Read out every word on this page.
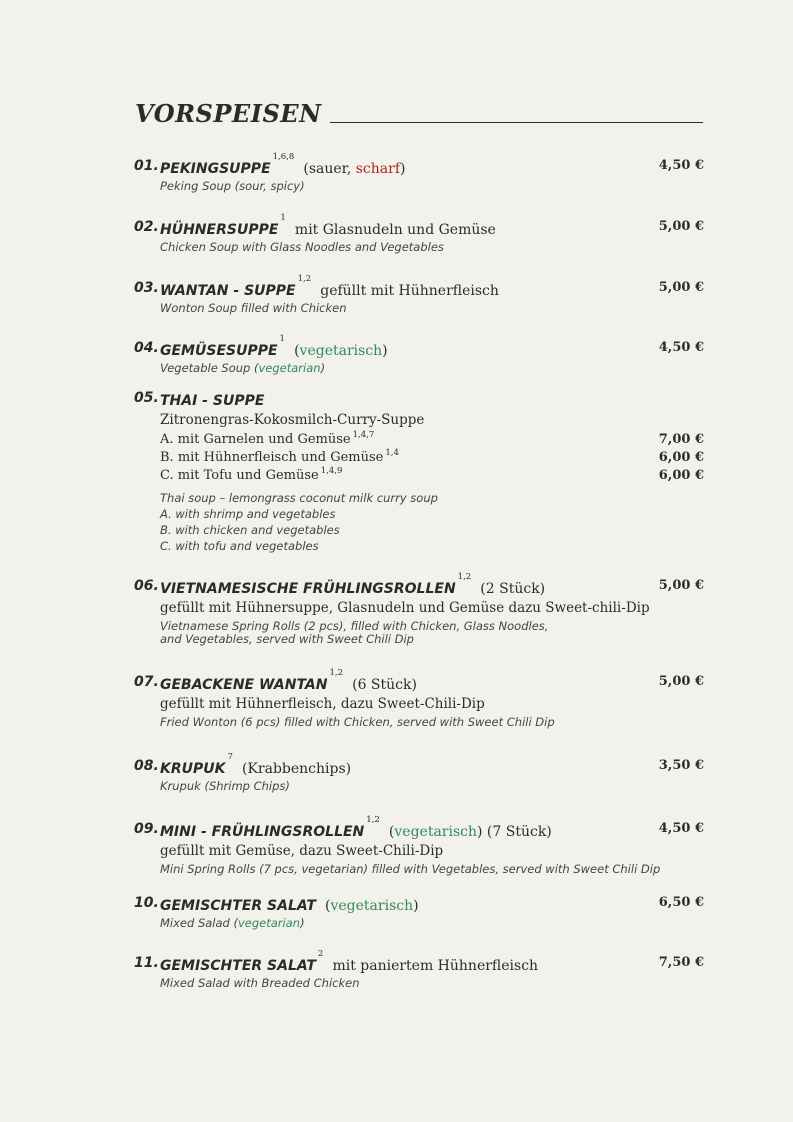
VORSPEISEN
01. PEKINGSUPPE$^{1,6,8}$ (sauer, scharf)	4,50 €
Peking Soup (sour, spicy)
02. HÜHNERSUPPE$^1$ mit Glasnudeln und Gemüse	5,00 €
Chicken Soup with Glass Noodles and Vegetables
03. WANTAN - SUPPE$^{1,2}$ gefüllt mit Hühnerfleisch	5,00 €
Wonton Soup filled with Chicken
04. GEMÜSESUPPE$^1$ (vegetarisch)	4,50 €
Vegetable Soup (vegetarian)
05. THAI - SUPPE
Zitronengras-Kokosmilch-Curry-Suppe
A. mit Garnelen und Gemüse $^{1,4,7}$	7,00 €
B. mit Hühnerfleisch und Gemüse $^{1,4}$	6,00 €
C. mit Tofu und Gemüse $^{1,4,9}$	6,00 €
Thai soup – lemongrass coconut milk curry soup
A. with shrimp and vegetables
B. with chicken and vegetables
C. with tofu and vegetables
06. VIETNAMESISCHE FRÜHLINGSROLLEN$^{1,2}$ (2 Stück)	5,00 €
gefüllt mit Hühnersuppe, Glasnudeln und Gemüse dazu Sweet-chili-Dip
Vietnamese Spring Rolls (2 pcs), filled with Chicken, Glass Noodles,
and Vegetables, served with Sweet Chili Dip
07. GEBACKENE WANTAN$^{1,2}$ (6 Stück)	5,00 €
gefüllt mit Hühnerfleisch, dazu Sweet-Chili-Dip
Fried Wonton (6 pcs) filled with Chicken, served with Sweet Chili Dip
08. KRUPUK$^7$ (Krabbenchips)	3,50 €
Krupuk (Shrimp Chips)
09. MINI - FRÜHLINGSROLLEN$^{1,2}$ (vegetarisch) (7 Stück)	4,50 €
gefüllt mit Gemüse, dazu Sweet-Chili-Dip
Mini Spring Rolls (7 pcs, vegetarian) filled with Vegetables, served with Sweet Chili Dip
10. GEMISCHTER SALAT (vegetarisch)	6,50 €
Mixed Salad (vegetarian)
11. GEMISCHTER SALAT$^2$ mit paniertem Hühnerfleisch	7,50 €
Mixed Salad with Breaded Chicken
